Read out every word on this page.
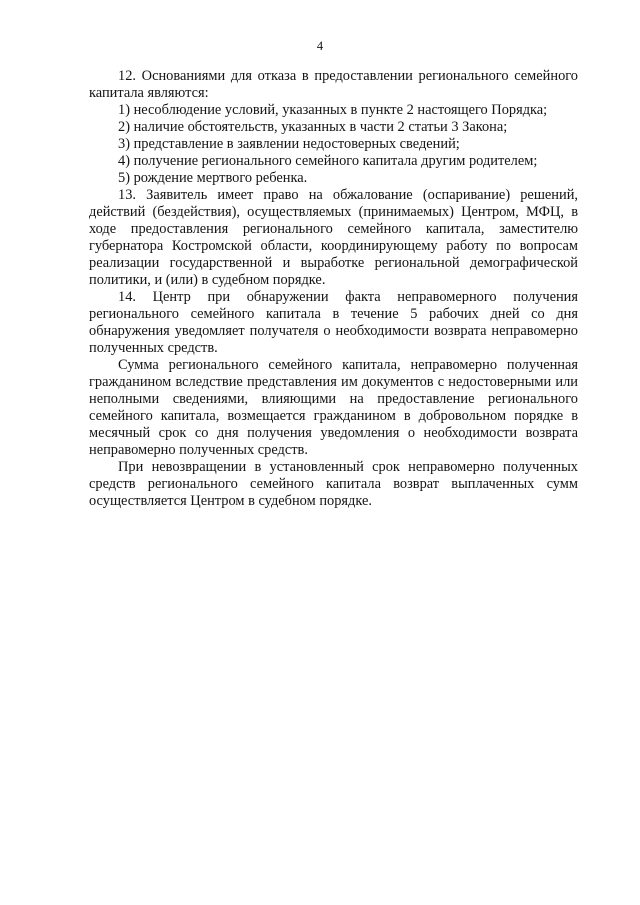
4

12. Основаниями для отказа в предоставлении регионального семейного капитала являются:

1) несоблюдение условий, указанных в пункте 2 настоящего Порядка;

2) наличие обстоятельств, указанных в части 2 статьи 3 Закона;

3) представление в заявлении недостоверных сведений;

4) получение регионального семейного капитала другим родителем;

5) рождение мертвого ребенка.

13. Заявитель имеет право на обжалование (оспаривание) решений, действий (бездействия), осуществляемых (принимаемых) Центром, МФЦ, в ходе предоставления регионального семейного капитала, заместителю губернатора Костромской области, координирующему работу по вопросам реализации государственной и выработке региональной демографической политики, и (или) в судебном порядке.

14. Центр при обнаружении факта неправомерного получения регионального семейного капитала в течение 5 рабочих дней со дня обнаружения уведомляет получателя о необходимости возврата неправомерно полученных средств.

Сумма регионального семейного капитала, неправомерно полученная гражданином вследствие представления им документов с недостоверными или неполными сведениями, влияющими на предоставление регионального семейного капитала, возмещается гражданином в добровольном порядке в месячный срок со дня получения уведомления о необходимости возврата неправомерно полученных средств.

При невозвращении в установленный срок неправомерно полученных средств регионального семейного капитала возврат выплаченных сумм осуществляется Центром в судебном порядке.
